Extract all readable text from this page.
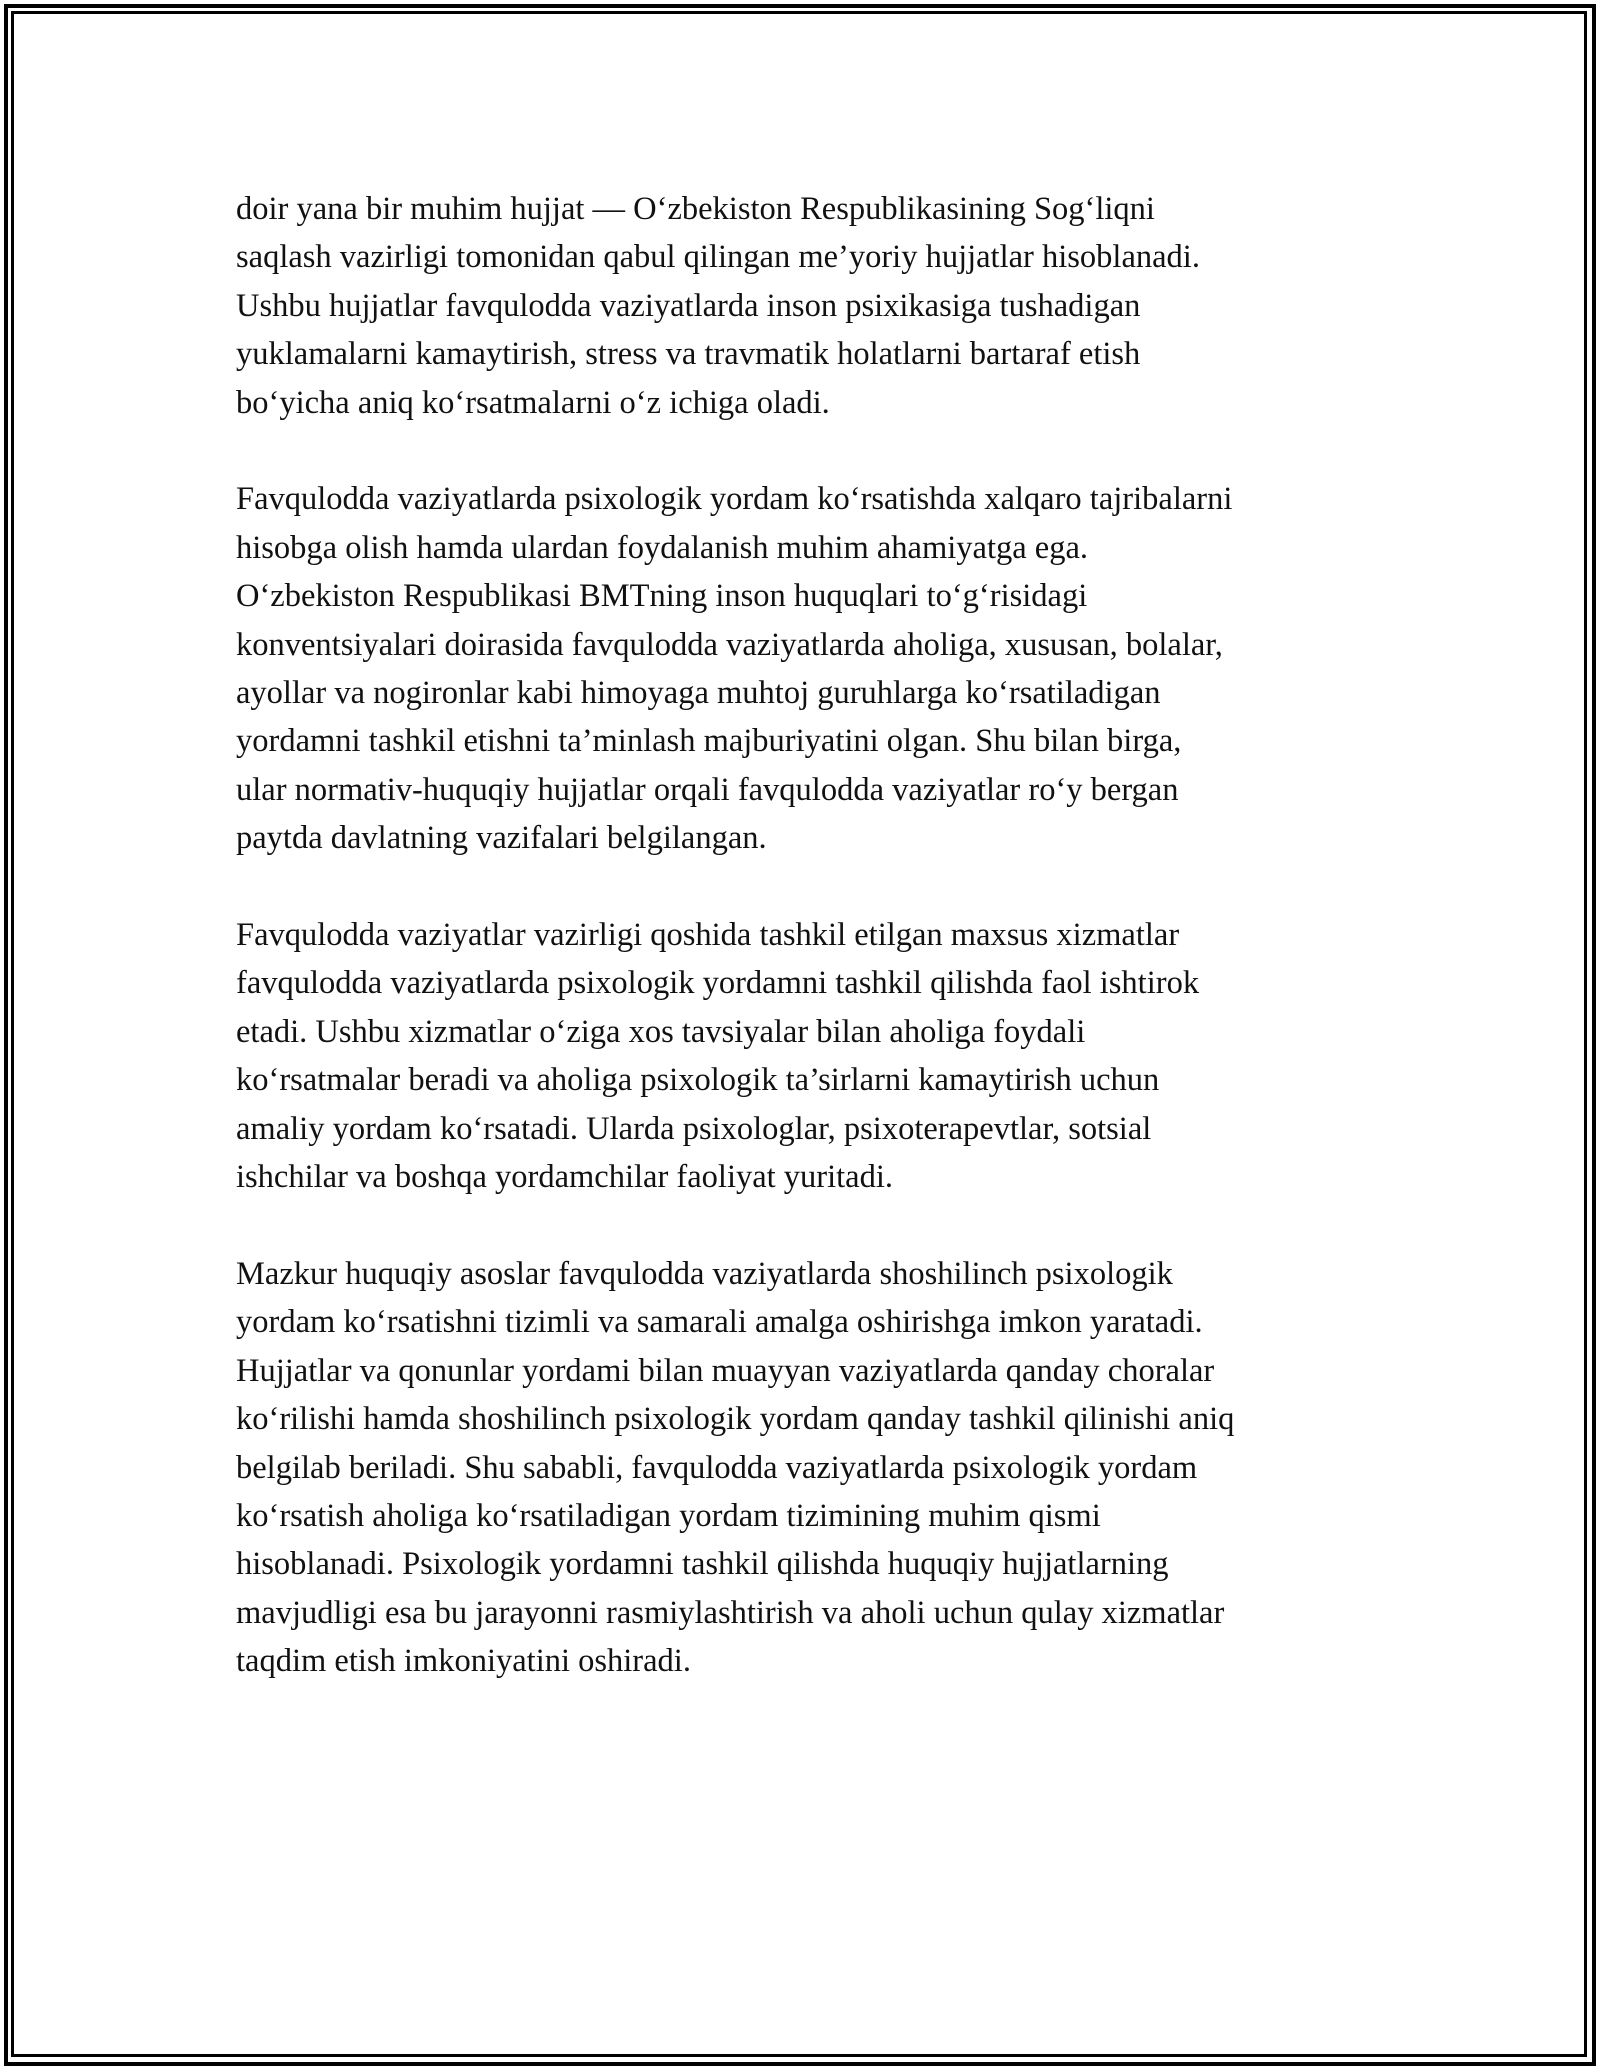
doir yana bir muhim hujjat — O‘zbekiston Respublikasining Sog‘liqni
saqlash vazirligi tomonidan qabul qilingan me’yoriy hujjatlar hisoblanadi.
Ushbu hujjatlar favqulodda vaziyatlarda inson psixikasiga tushadigan
yuklamalarni kamaytirish, stress va travmatik holatlarni bartaraf etish
bo‘yicha aniq ko‘rsatmalarni o‘z ichiga oladi.
Favqulodda vaziyatlarda psixologik yordam ko‘rsatishda xalqaro tajribalarni
hisobga olish hamda ulardan foydalanish muhim ahamiyatga ega.
O‘zbekiston Respublikasi BMTning inson huquqlari to‘g‘risidagi
konventsiyalari doirasida favqulodda vaziyatlarda aholiga, xususan, bolalar,
ayollar va nogironlar kabi himoyaga muhtoj guruhlarga ko‘rsatiladigan
yordamni tashkil etishni ta’minlash majburiyatini olgan. Shu bilan birga,
ular normativ-huquqiy hujjatlar orqali favqulodda vaziyatlar ro‘y bergan
paytda davlatning vazifalari belgilangan.
Favqulodda vaziyatlar vazirligi qoshida tashkil etilgan maxsus xizmatlar
favqulodda vaziyatlarda psixologik yordamni tashkil qilishda faol ishtirok
etadi. Ushbu xizmatlar o‘ziga xos tavsiyalar bilan aholiga foydali
ko‘rsatmalar beradi va aholiga psixologik ta’sirlarni kamaytirish uchun
amaliy yordam ko‘rsatadi. Ularda psixologlar, psixoterapevtlar, sotsial
ishchilar va boshqa yordamchilar faoliyat yuritadi.
Mazkur huquqiy asoslar favqulodda vaziyatlarda shoshilinch psixologik
yordam ko‘rsatishni tizimli va samarali amalga oshirishga imkon yaratadi.
Hujjatlar va qonunlar yordami bilan muayyan vaziyatlarda qanday choralar
ko‘rilishi hamda shoshilinch psixologik yordam qanday tashkil qilinishi aniq
belgilab beriladi. Shu sababli, favqulodda vaziyatlarda psixologik yordam
ko‘rsatish aholiga ko‘rsatiladigan yordam tizimining muhim qismi
hisoblanadi. Psixologik yordamni tashkil qilishda huquqiy hujjatlarning
mavjudligi esa bu jarayonni rasmiylashtirish va aholi uchun qulay xizmatlar
taqdim etish imkoniyatini oshiradi.
